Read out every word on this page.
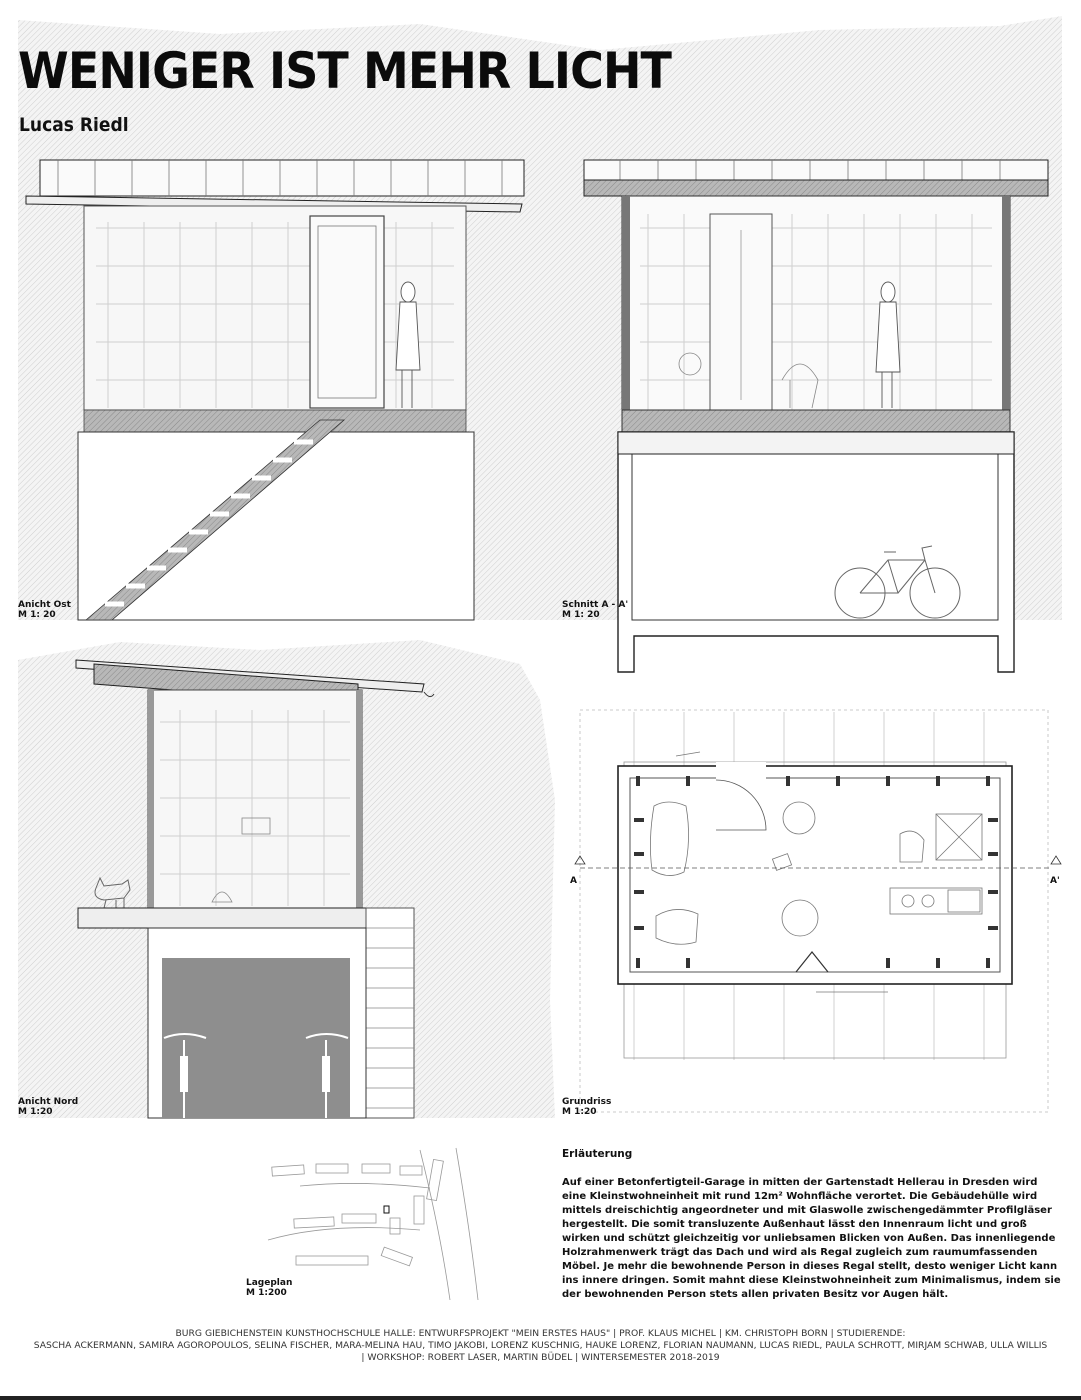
WENIGER IST MEHR LICHT
Lucas Riedl
Anicht Ost
M 1: 20
Schnitt A - A'
M 1: 20
Anicht Nord
M 1:20
Grundriss
M 1:20
A	A'
Lageplan
M 1:200
Erläuterung
Auf einer Betonfertigteil-Garage in mitten der Gartenstadt Hellerau in Dresden wird eine Kleinstwohneinheit mit rund 12m² Wohnfläche verortet. Die Gebäudehülle wird mittels dreischichtig angeordneter und mit Glaswolle zwischengedämmter Profilgläser hergestellt. Die somit transluzente Außenhaut lässt den Innenraum licht und groß wirken und schützt gleichzeitig vor unliebsamen Blicken von Außen. Das innenliegende Holzrahmenwerk trägt das Dach und wird als Regal zugleich zum raumumfassenden Möbel. Je mehr die bewohnende Person in dieses Regal stellt, desto weniger Licht kann ins innere dringen. Somit mahnt diese Kleinstwohneinheit zum Minimalismus, indem sie der bewohnenden Person stets allen privaten Besitz vor Augen hält.
BURG GIEBICHENSTEIN KUNSTHOCHSCHULE HALLE: ENTWURFSPROJEKT "MEIN ERSTES HAUS" | PROF. KLAUS MICHEL | KM. CHRISTOPH BORN | STUDIERENDE:
SASCHA ACKERMANN, SAMIRA AGOROPOULOS, SELINA FISCHER, MARA-MELINA HAU, TIMO JAKOBI, LORENZ KUSCHNIG, HAUKE LORENZ, FLORIAN NAUMANN, LUCAS RIEDL, PAULA SCHROTT, MIRJAM SCHWAB, ULLA WILLIS
| WORKSHOP: ROBERT LASER, MARTIN BÜDEL | WINTERSEMESTER 2018-2019
